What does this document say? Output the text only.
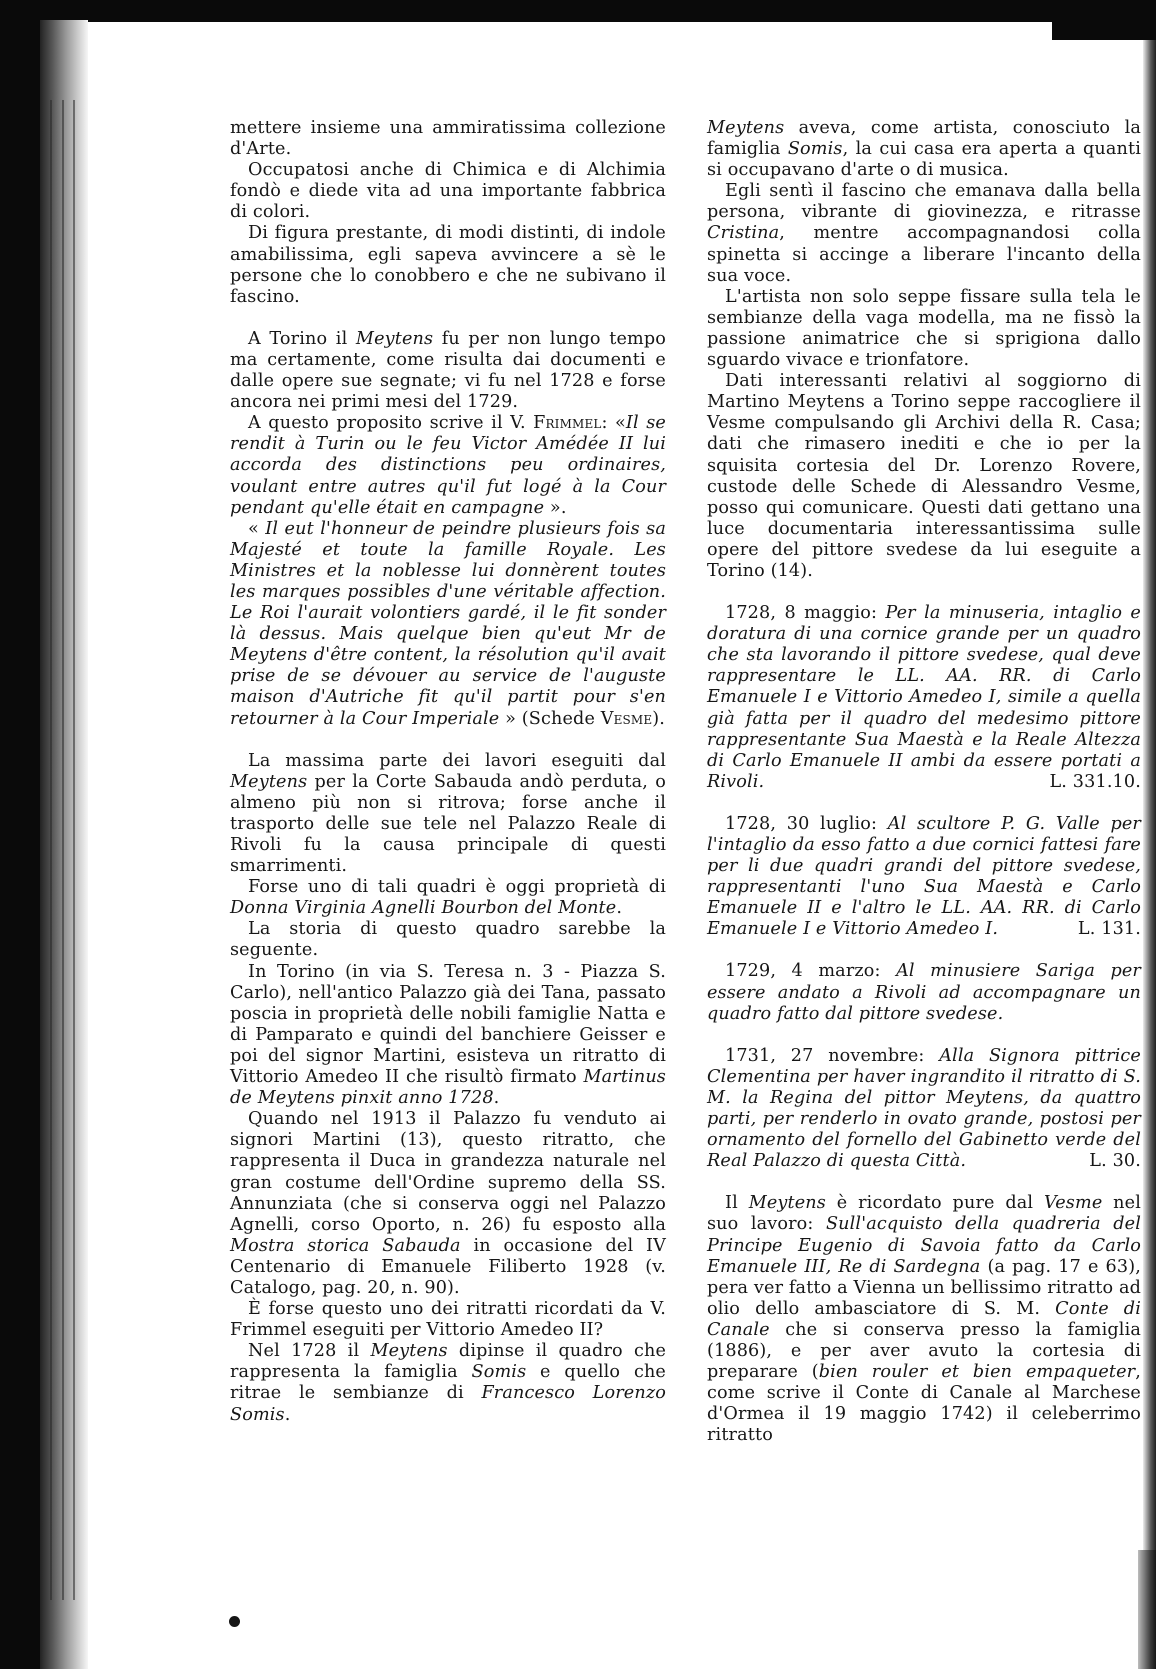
mettere insieme una ammiratissima collezione d'Arte.

Occupatosi anche di Chimica e di Alchimia fondò e diede vita ad una importante fabbrica di colori.

Di figura prestante, di modi distinti, di indole amabilissima, egli sapeva avvincere a sè le persone che lo conobbero e che ne subivano il fascino.

A Torino il Meytens fu per non lungo tempo ma certamente, come risulta dai documenti e dalle opere sue segnate; vi fu nel 1728 e forse ancora nei primi mesi del 1729.

A questo proposito scrive il V. Frimmel: «Il se rendit à Turin ou le feu Victor Amédée II lui accorda des distinctions peu ordinaires, voulant entre autres qu'il fut logé à la Cour pendant qu'elle était en campagne ».

« Il eut l'honneur de peindre plusieurs fois sa Majesté et toute la famille Royale. Les Ministres et la noblesse lui donnèrent toutes les marques possibles d'une véritable affection. Le Roi l'aurait volontiers gardé, il le fit sonder là dessus. Mais quelque bien qu'eut Mr de Meytens d'être content, la résolution qu'il avait prise de se dévouer au service de l'auguste maison d'Autriche fit qu'il partit pour s'en retourner à la Cour Imperiale » (Schede Vesme).

La massima parte dei lavori eseguiti dal Meytens per la Corte Sabauda andò perduta, o almeno più non si ritrova; forse anche il trasporto delle sue tele nel Palazzo Reale di Rivoli fu la causa principale di questi smarrimenti.

Forse uno di tali quadri è oggi proprietà di Donna Virginia Agnelli Bourbon del Monte.

La storia di questo quadro sarebbe la seguente.

In Torino (in via S. Teresa n. 3 - Piazza S. Carlo), nell'antico Palazzo già dei Tana, passato poscia in proprietà delle nobili famiglie Natta e di Pamparato e quindi del banchiere Geisser e poi del signor Martini, esisteva un ritratto di Vittorio Amedeo II che risultò firmato Martinus de Meytens pinxit anno 1728.

Quando nel 1913 il Palazzo fu venduto ai signori Martini (13), questo ritratto, che rappresenta il Duca in grandezza naturale nel gran costume dell'Ordine supremo della SS. Annunziata (che si conserva oggi nel Palazzo Agnelli, corso Oporto, n. 26) fu esposto alla Mostra storica Sabauda in occasione del IV Centenario di Emanuele Filiberto 1928 (v. Catalogo, pag. 20, n. 90).

È forse questo uno dei ritratti ricordati da V. Frimmel eseguiti per Vittorio Amedeo II?

Nel 1728 il Meytens dipinse il quadro che rappresenta la famiglia Somis e quello che ritrae le sembianze di Francesco Lorenzo Somis.

Meytens aveva, come artista, conosciuto la famiglia Somis, la cui casa era aperta a quanti si occupavano d'arte o di musica.

Egli sentì il fascino che emanava dalla bella persona, vibrante di giovinezza, e ritrasse Cristina, mentre accompagnandosi colla spinetta si accinge a liberare l'incanto della sua voce.

L'artista non solo seppe fissare sulla tela le sembianze della vaga modella, ma ne fissò la passione animatrice che si sprigiona dallo sguardo vivace e trionfatore.

Dati interessanti relativi al soggiorno di Martino Meytens a Torino seppe raccogliere il Vesme compulsando gli Archivi della R. Casa; dati che rimasero inediti e che io per la squisita cortesia del Dr. Lorenzo Rovere, custode delle Schede di Alessandro Vesme, posso qui comunicare. Questi dati gettano una luce documentaria interessantissima sulle opere del pittore svedese da lui eseguite a Torino (14).

1728, 8 maggio: Per la minuseria, intaglio e doratura di una cornice grande per un quadro che sta lavorando il pittore svedese, qual deve rappresentare le LL. AA. RR. di Carlo Emanuele I e Vittorio Amedeo I, simile a quella già fatta per il quadro del medesimo pittore rappresentante Sua Maestà e la Reale Altezza di Carlo Emanuele II ambi da essere portati a Rivoli.	L. 331.10.

1728, 30 luglio: Al scultore P. G. Valle per l'intaglio da esso fatto a due cornici fattesi fare per li due quadri grandi del pittore svedese, rappresentanti l'uno Sua Maestà e Carlo Emanuele II e l'altro le LL. AA. RR. di Carlo Emanuele I e Vittorio Amedeo I.	L. 131.

1729, 4 marzo: Al minusiere Sariga per essere andato a Rivoli ad accompagnare un quadro fatto dal pittore svedese.

1731, 27 novembre: Alla Signora pittrice Clementina per haver ingrandito il ritratto di S. M. la Regina del pittor Meytens, da quattro parti, per renderlo in ovato grande, postosi per ornamento del fornello del Gabinetto verde del Real Palazzo di questa Città.	L. 30.

Il Meytens è ricordato pure dal Vesme nel suo lavoro: Sull'acquisto della quadreria del Principe Eugenio di Savoia fatto da Carlo Emanuele III, Re di Sardegna (a pag. 17 e 63), pera ver fatto a Vienna un bellissimo ritratto ad olio dello ambasciatore di S. M. Conte di Canale che si conserva presso la famiglia (1886), e per aver avuto la cortesia di preparare (bien rouler et bien empaqueter, come scrive il Conte di Canale al Marchese d'Ormea il 19 maggio 1742) il celeberrimo ritratto
